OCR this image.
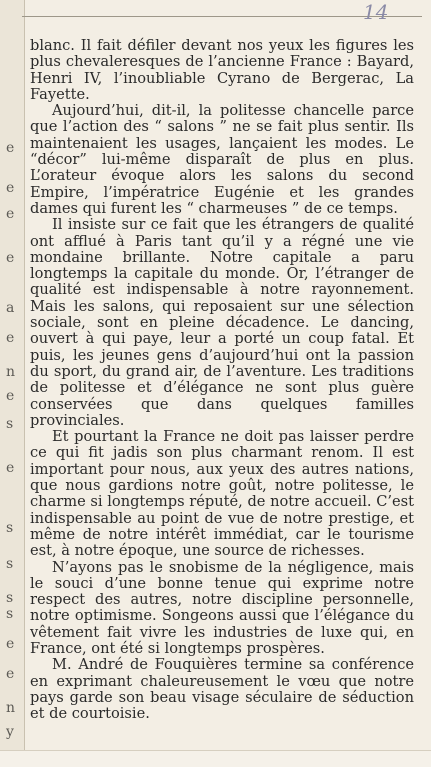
e
e
e
e
a
e
n
e
s
e
s
s
s
s
e
e
n
y
14

blanc. Il fait défiler devant nos yeux les figures les plus chevaleresques de l’ancienne France : Bayard, Henri IV, l’inoubliable Cyrano de Bergerac, La Fayette.

Aujourd’hui, dit-il, la politesse chancelle parce que l’action des “ salons ” ne se fait plus sentir. Ils maintenaient les usages, lançaient les modes. Le “décor” lui-même disparaît de plus en plus. L’orateur évoque alors les salons du second Empire, l’impératrice Eugénie et les grandes dames qui furent les “ charmeuses ” de ce temps.

Il insiste sur ce fait que les étrangers de qualité ont afflué à Paris tant qu’il y a régné une vie mondaine brillante. Notre capitale a paru longtemps la capitale du monde. Or, l’étranger de qualité est indispensable à notre rayonnement. Mais les salons, qui reposaient sur une sélection sociale, sont en pleine décadence. Le dancing, ouvert à qui paye, leur a porté un coup fatal. Et puis, les jeunes gens d’aujourd’hui ont la passion du sport, du grand air, de l’aventure. Les traditions de politesse et d’élégance ne sont plus guère conservées que dans quelques familles provinciales.

Et pourtant la France ne doit pas laisser perdre ce qui fit jadis son plus charmant renom. Il est important pour nous, aux yeux des autres nations, que nous gardions notre goût, notre politesse, le charme si longtemps réputé, de notre accueil. C’est indispensable au point de vue de notre prestige, et même de notre intérêt immédiat, car le tourisme est, à notre époque, une source de richesses.

N’ayons pas le snobisme de la négligence, mais le souci d’une bonne tenue qui exprime notre respect des autres, notre discipline personnelle, notre optimisme. Songeons aussi que l’élégance du vêtement fait vivre les industries de luxe qui, en France, ont été si longtemps prospères.

M. André de Fouquières termine sa conférence en exprimant chaleureusement le vœu que notre pays garde son beau visage séculaire de séduction et de courtoisie.
